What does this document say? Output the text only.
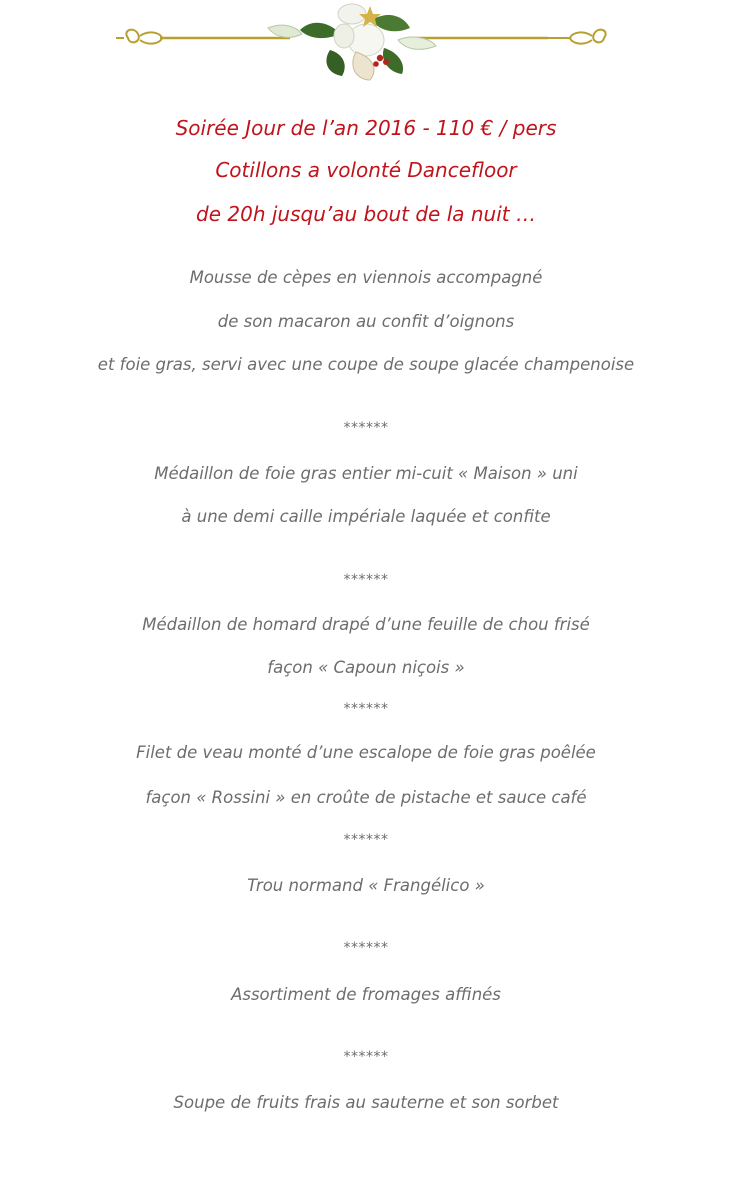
Soirée Jour de l’an 2016 - 110 € / pers
Cotillons a volonté Dancefloor
de 20h jusqu’au bout de la nuit …
Mousse de cèpes en viennois accompagné
de son macaron au confit d’oignons
et foie gras, servi avec une coupe de soupe glacée champenoise
******
Médaillon de foie gras entier mi-cuit « Maison » uni
à une demi caille impériale laquée et confite
******
Médaillon de homard drapé d’une feuille de chou frisé
façon « Capoun niçois »
******
Filet de veau monté d’une escalope de foie gras poêlée
façon « Rossini » en croûte de pistache et sauce café
******
Trou normand « Frangélico »
******
Assortiment de fromages affinés
******
Soupe de fruits frais au sauterne et son sorbet
